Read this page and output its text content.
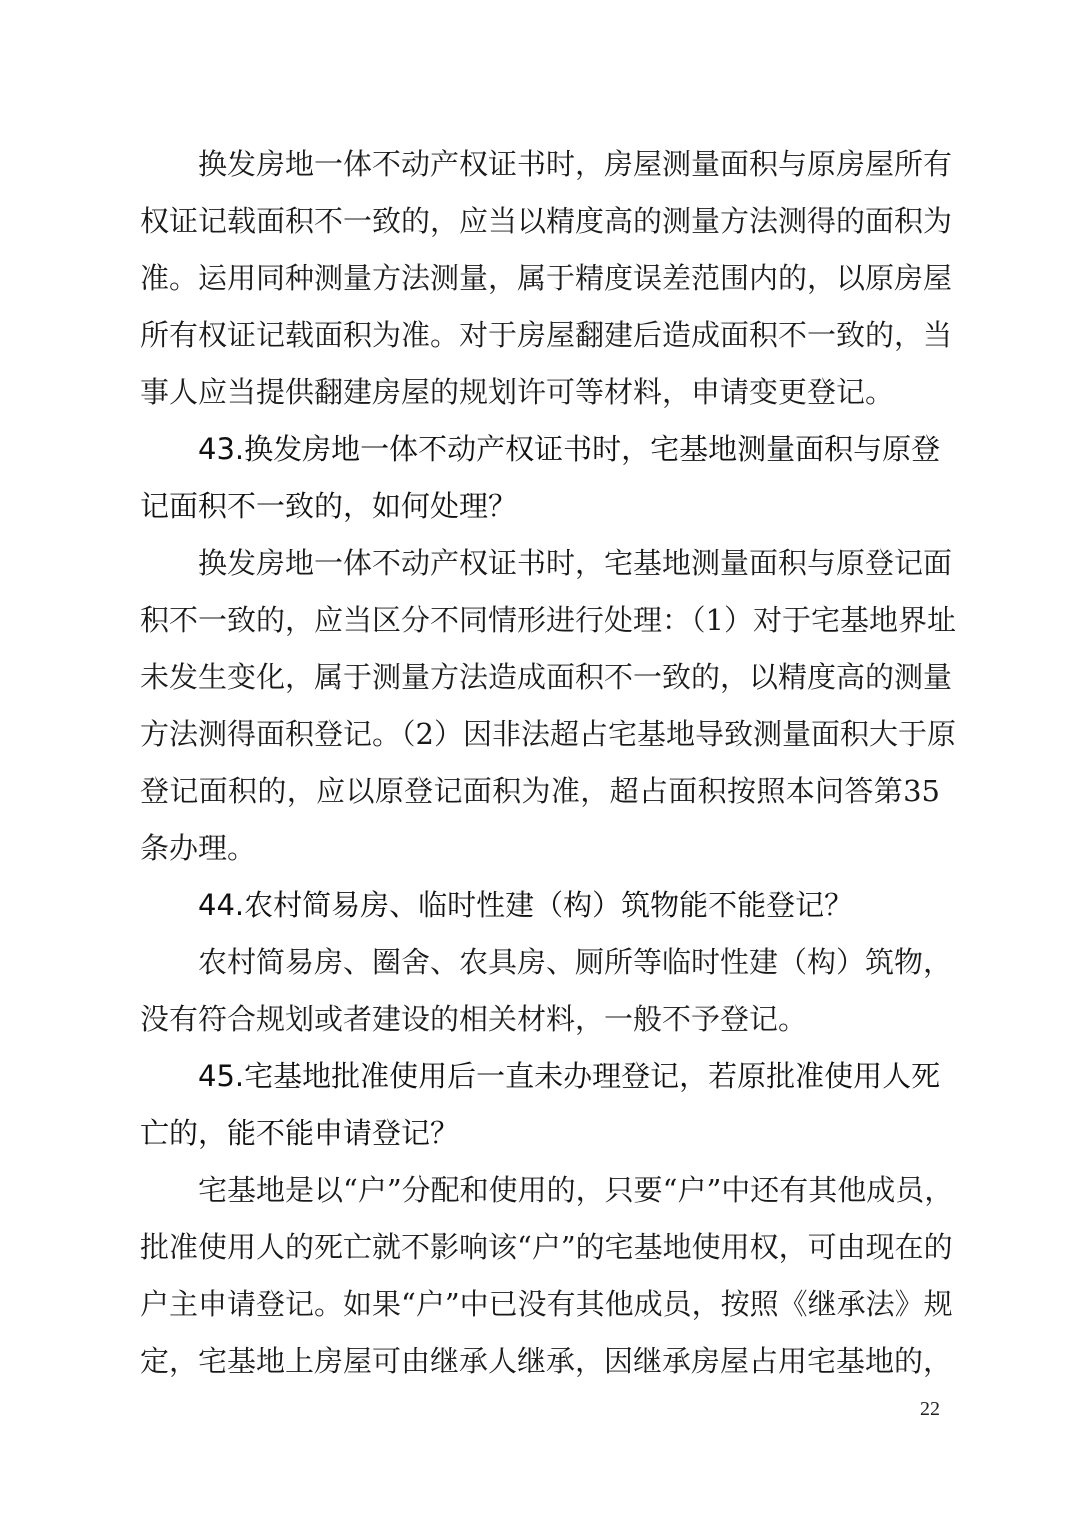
换发房地一体不动产权证书时，房屋测量面积与原房屋所有
权证记载面积不一致的，应当以精度高的测量方法测得的面积为
准。运用同种测量方法测量，属于精度误差范围内的，以原房屋
所有权证记载面积为准。对于房屋翻建后造成面积不一致的，当
事人应当提供翻建房屋的规划许可等材料，申请变更登记。
43.换发房地一体不动产权证书时，宅基地测量面积与原登
记面积不一致的，如何处理？
换发房地一体不动产权证书时，宅基地测量面积与原登记面
积不一致的，应当区分不同情形进行处理：（1）对于宅基地界址
未发生变化，属于测量方法造成面积不一致的，以精度高的测量
方法测得面积登记。（2）因非法超占宅基地导致测量面积大于原
登记面积的，应以原登记面积为准，超占面积按照本问答第35
条办理。
44.农村简易房、临时性建（构）筑物能不能登记？
农村简易房、圈舍、农具房、厕所等临时性建（构）筑物，
没有符合规划或者建设的相关材料，一般不予登记。
45.宅基地批准使用后一直未办理登记，若原批准使用人死
亡的，能不能申请登记？
宅基地是以“户”分配和使用的，只要“户”中还有其他成员，
批准使用人的死亡就不影响该“户”的宅基地使用权，可由现在的
户主申请登记。如果“户”中已没有其他成员，按照《继承法》规
定，宅基地上房屋可由继承人继承，因继承房屋占用宅基地的，
22
